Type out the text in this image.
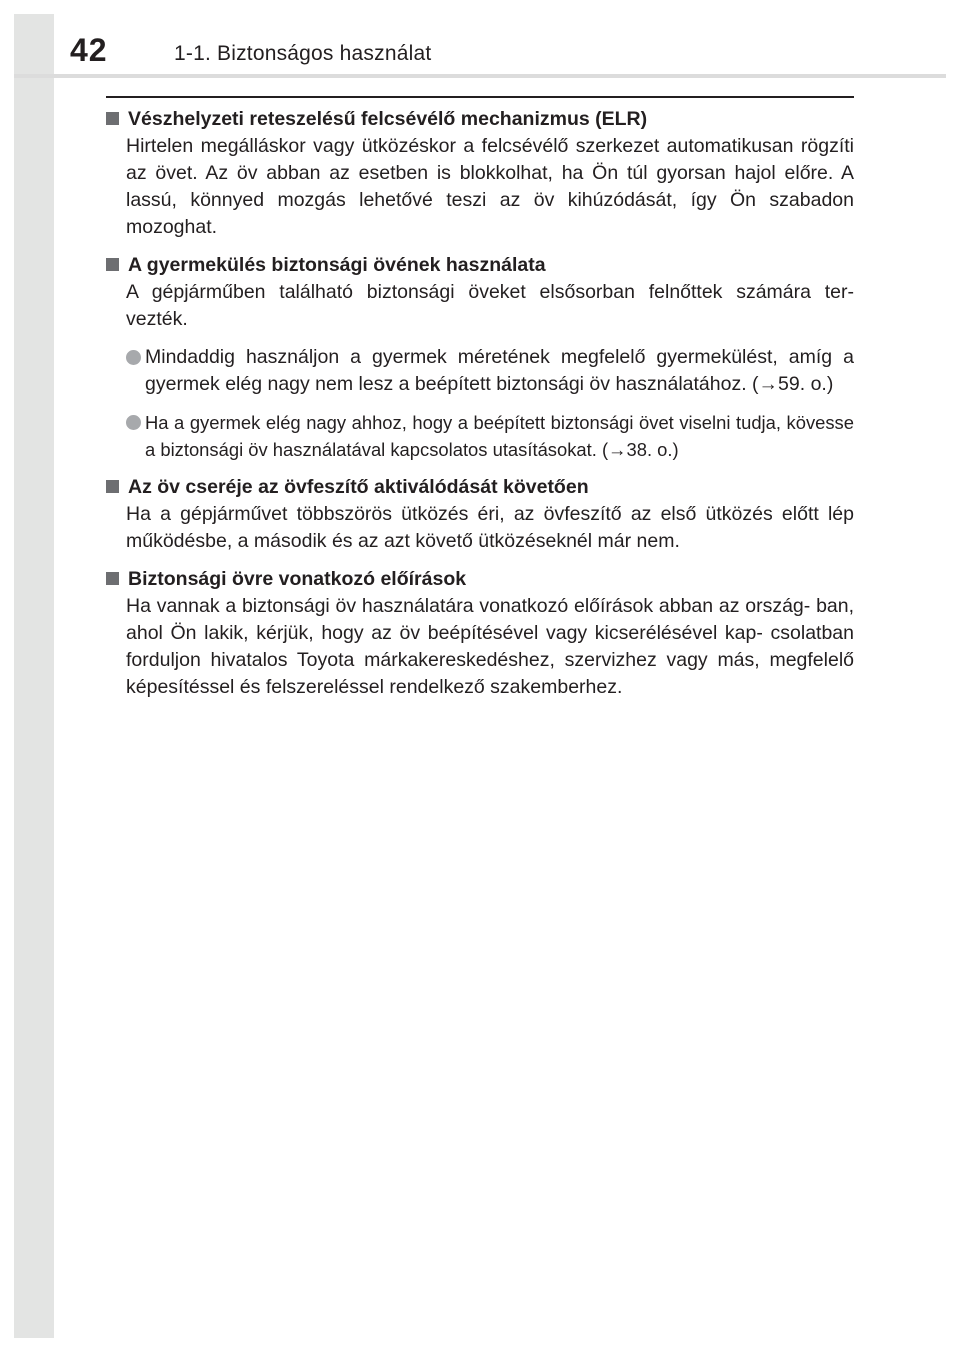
42	1-1. Biztonságos használat
Vészhelyzeti reteszelésű felcsévélő mechanizmus (ELR)
Hirtelen megálláskor vagy ütközéskor a felcsévélő szerkezet automatikusan rögzíti az övet. Az öv abban az esetben is blokkolhat, ha Ön túl gyorsan hajol előre. A lassú, könnyed mozgás lehetővé teszi az öv kihúzódását, így Ön szabadon mozoghat.
A gyermekülés biztonsági övének használata
A gépjárműben található biztonsági öveket elsősorban felnőttek számára ter- vezték.
Mindaddig használjon a gyermek méretének megfelelő gyermekülést, amíg a gyermek elég nagy nem lesz a beépített biztonsági öv használatához. (→59. o.)
Ha a gyermek elég nagy ahhoz, hogy a beépített biztonsági övet viselni tudja, kövesse a biztonsági öv használatával kapcsolatos utasításokat. (→38. o.)
Az öv cseréje az övfeszítő aktiválódását követően
Ha a gépjárművet többszörös ütközés éri, az övfeszítő az első ütközés előtt lép működésbe, a második és az azt követő ütközéseknél már nem.
Biztonsági övre vonatkozó előírások
Ha vannak a biztonsági öv használatára vonatkozó előírások abban az ország- ban, ahol Ön lakik, kérjük, hogy az öv beépítésével vagy kicserélésével kap- csolatban forduljon hivatalos Toyota márkakereskedéshez, szervizhez vagy más, megfelelő képesítéssel és felszereléssel rendelkező szakemberhez.
